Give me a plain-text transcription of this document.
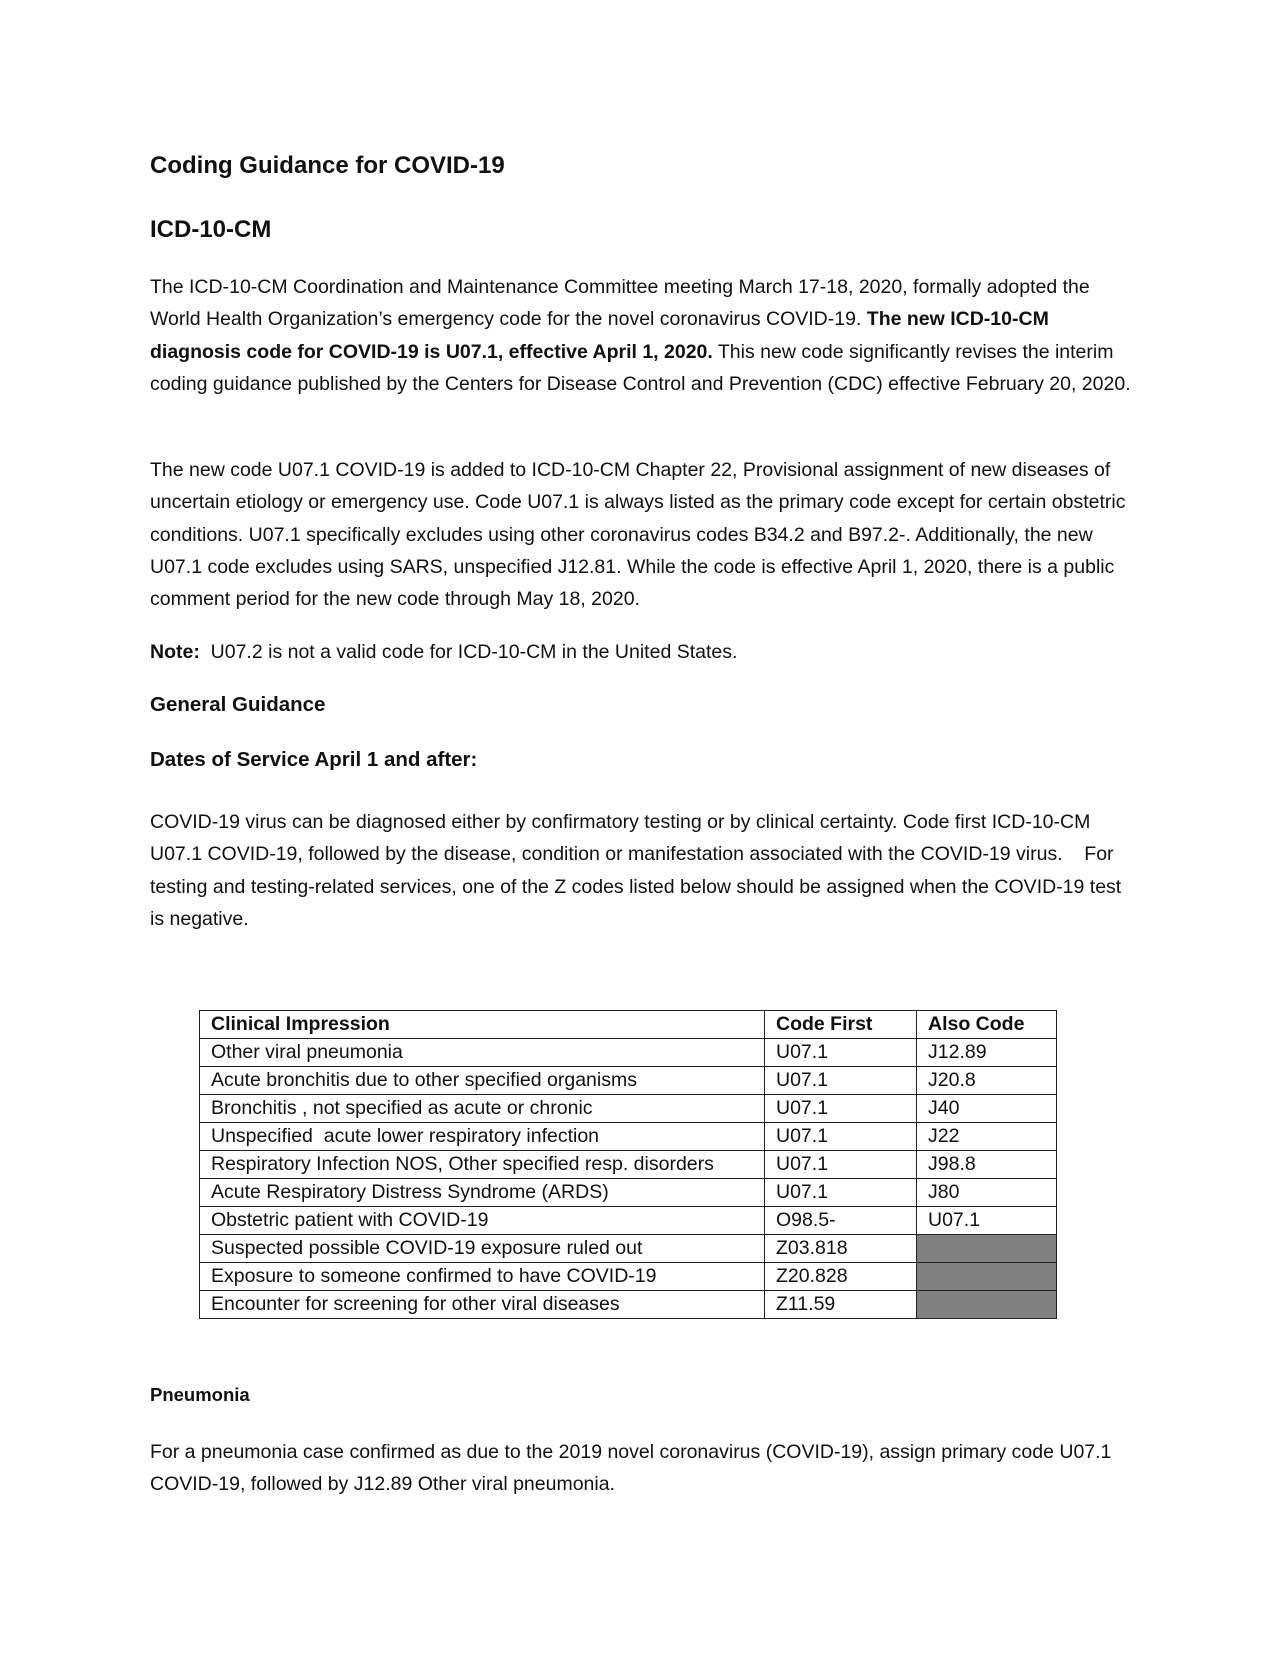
Coding Guidance for COVID-19
ICD-10-CM

The ICD-10-CM Coordination and Maintenance Committee meeting March 17-18, 2020, formally adopted the World Health Organization’s emergency code for the novel coronavirus COVID-19. The new ICD-10-CM diagnosis code for COVID-19 is U07.1, effective April 1, 2020. This new code significantly revises the interim coding guidance published by the Centers for Disease Control and Prevention (CDC) effective February 20, 2020.

The new code U07.1 COVID-19 is added to ICD-10-CM Chapter 22, Provisional assignment of new diseases of uncertain etiology or emergency use. Code U07.1 is always listed as the primary code except for certain obstetric conditions. U07.1 specifically excludes using other coronavirus codes B34.2 and B97.2-. Additionally, the new U07.1 code excludes using SARS, unspecified J12.81. While the code is effective April 1, 2020, there is a public comment period for the new code through May 18, 2020.

Note:  U07.2 is not a valid code for ICD-10-CM in the United States.

General Guidance
Dates of Service April 1 and after:

COVID-19 virus can be diagnosed either by confirmatory testing or by clinical certainty. Code first ICD-10-CM U07.1 COVID-19, followed by the disease, condition or manifestation associated with the COVID-19 virus.    For testing and testing-related services, one of the Z codes listed below should be assigned when the COVID-19 test is negative.

Clinical Impression	Code First	Also Code
Other viral pneumonia	U07.1	J12.89
Acute bronchitis due to other specified organisms	U07.1	J20.8
Bronchitis , not specified as acute or chronic	U07.1	J40
Unspecified  acute lower respiratory infection	U07.1	J22
Respiratory Infection NOS, Other specified resp. disorders	U07.1	J98.8
Acute Respiratory Distress Syndrome (ARDS)	U07.1	J80
Obstetric patient with COVID-19	O98.5-	U07.1
Suspected possible COVID-19 exposure ruled out	Z03.818	
Exposure to someone confirmed to have COVID-19	Z20.828	
Encounter for screening for other viral diseases	Z11.59	
Pneumonia

For a pneumonia case confirmed as due to the 2019 novel coronavirus (COVID-19), assign primary code U07.1 COVID-19, followed by J12.89 Other viral pneumonia.
